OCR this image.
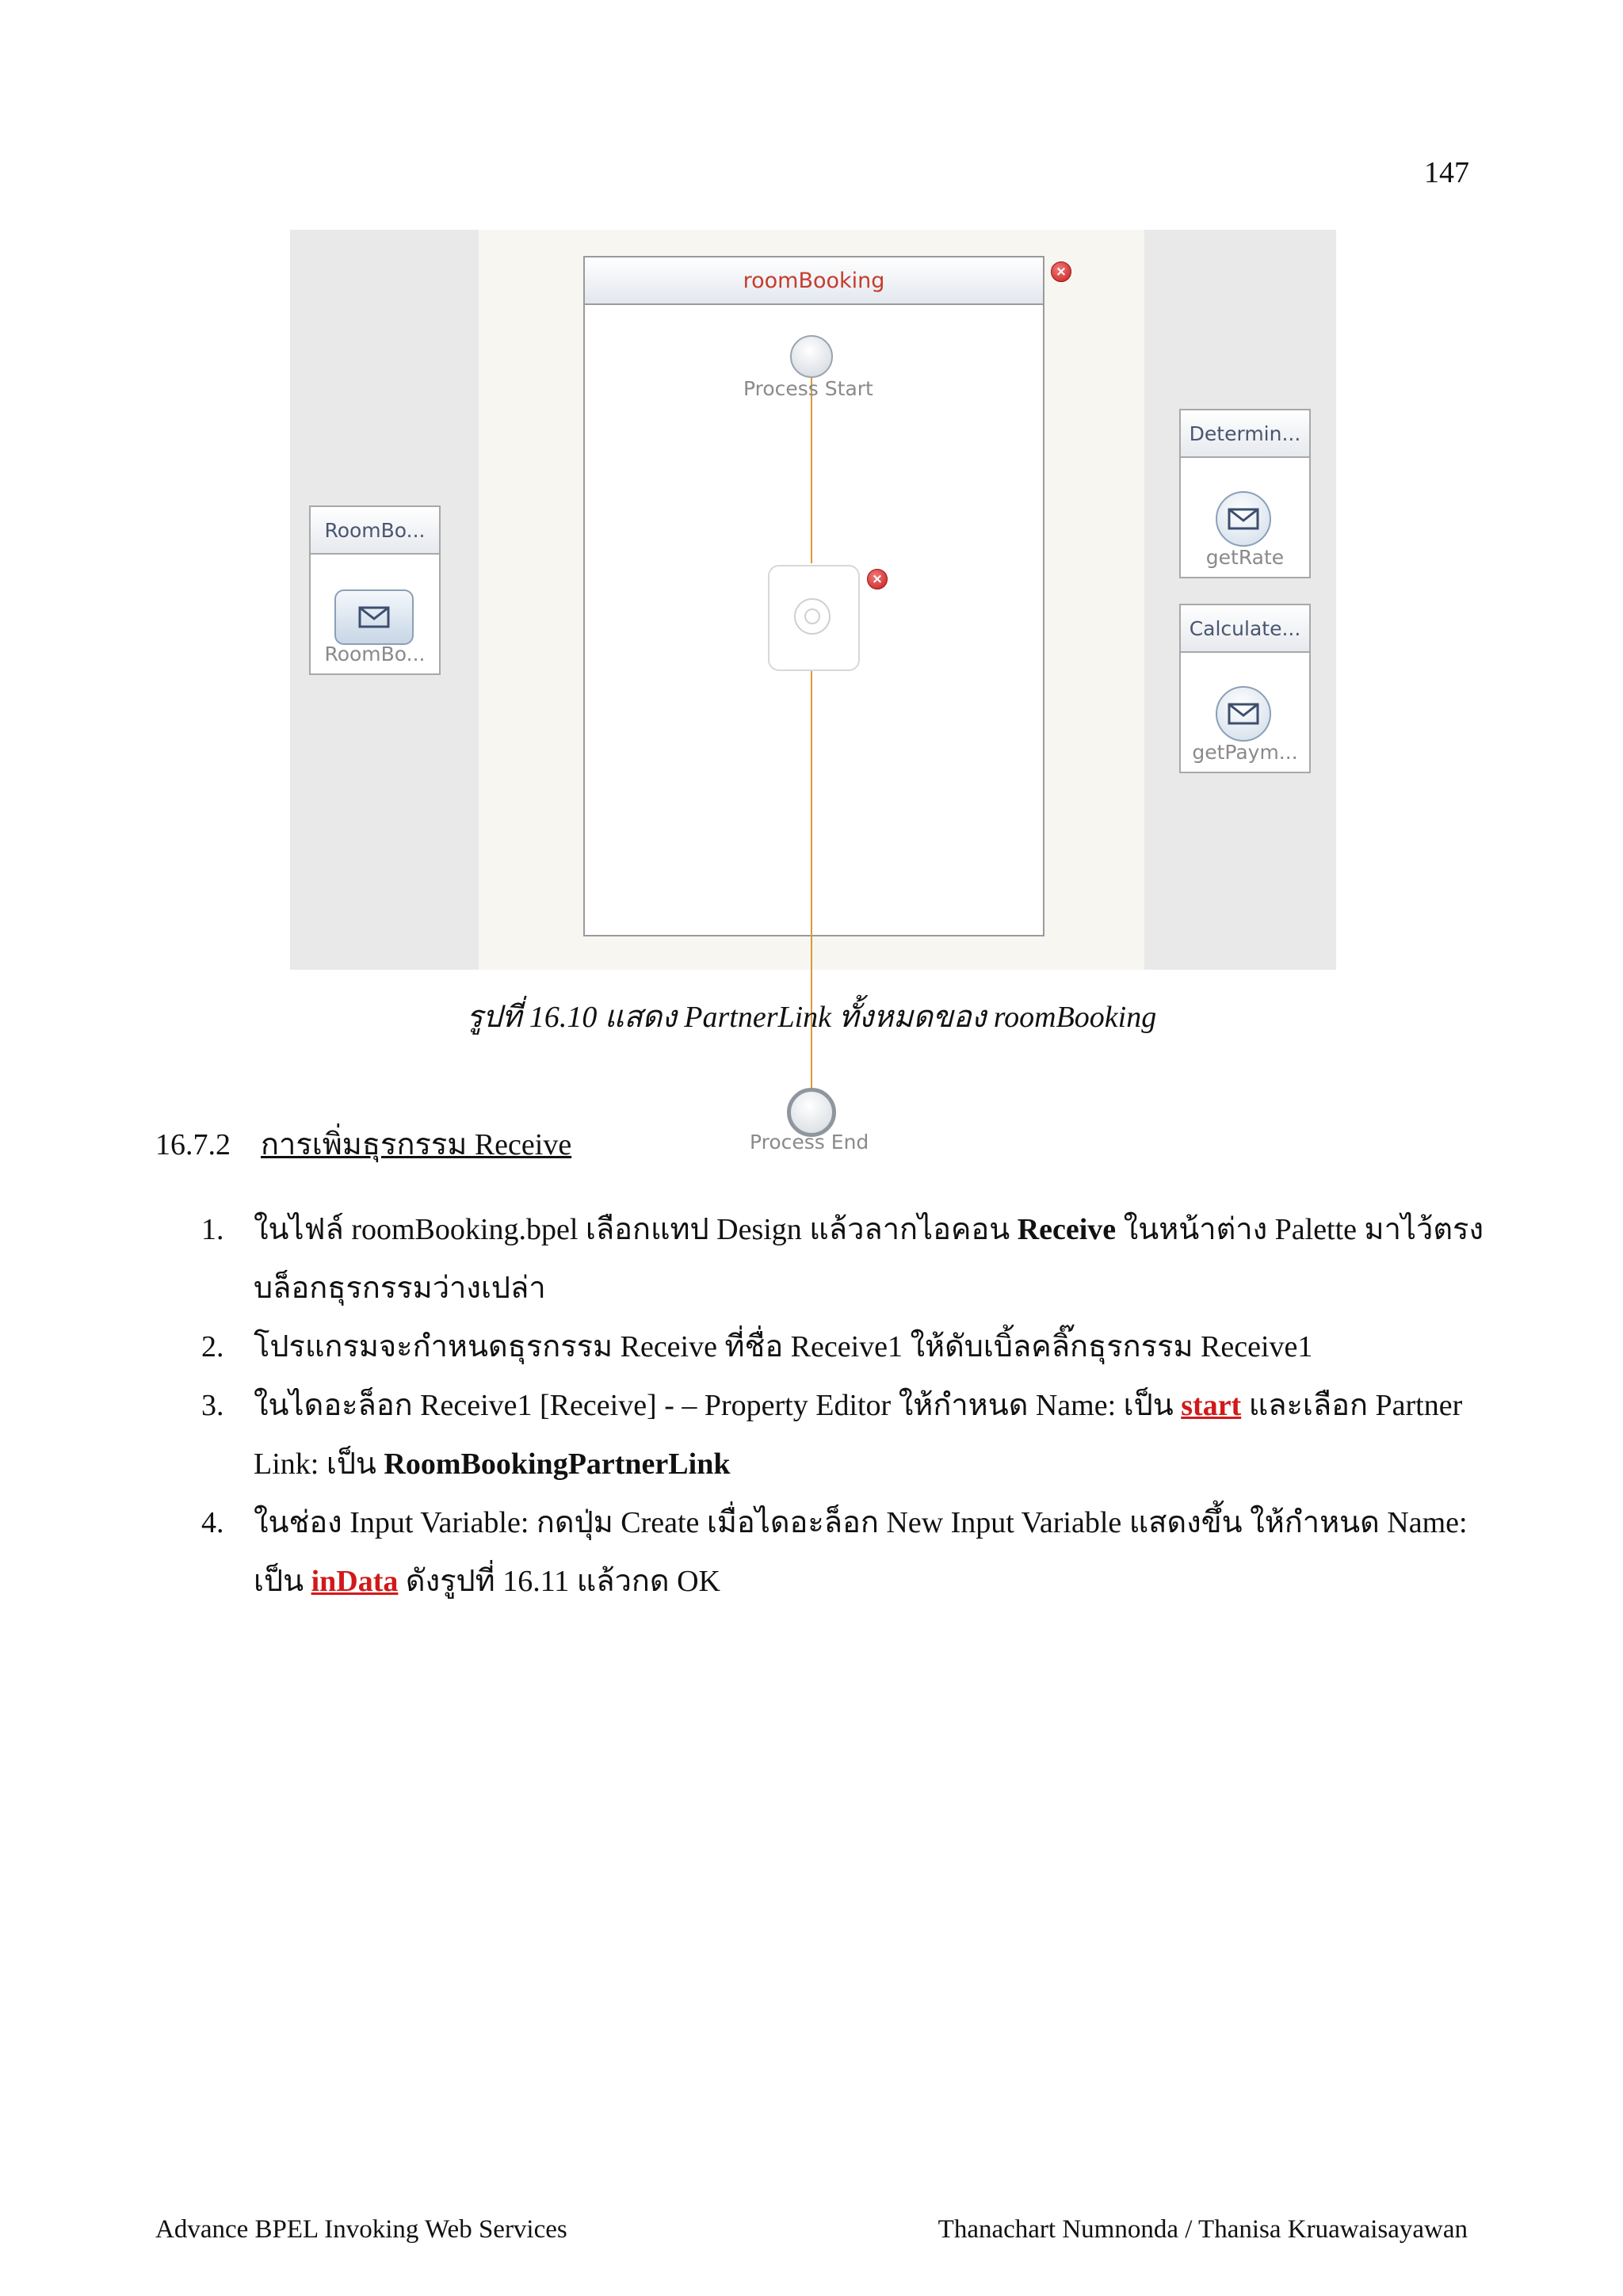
147
RoomBo...
RoomBo...
roomBooking	×
Process Start
×
Process End
Determin...
getRate
Calculate...
getPaym...
รูปที่ 16.10 แสดง PartnerLink ทั้งหมดของ roomBooking
16.7.2 การเพิ่มธุรกรรม Receive
1. ในไฟล์ roomBooking.bpel เลือกแทป Design แล้วลากไอคอน Receive ในหน้าต่าง Palette มาไว้ตรงบล็อกธุรกรรมว่างเปล่า
2. โปรแกรมจะกำหนดธุรกรรม Receive ที่ชื่อ Receive1 ให้ดับเบิ้ลคลิ๊กธุรกรรม Receive1
3. ในไดอะล็อก Receive1 [Receive] - – Property Editor ให้กำหนด Name: เป็น start และเลือก Partner Link: เป็น RoomBookingPartnerLink
4. ในช่อง Input Variable: กดปุ่ม Create เมื่อไดอะล็อก New Input Variable แสดงขึ้น ให้กำหนด Name: เป็น inData ดังรูปที่ 16.11 แล้วกด OK
Advance BPEL Invoking Web Services	Thanachart Numnonda / Thanisa Kruawaisayawan
